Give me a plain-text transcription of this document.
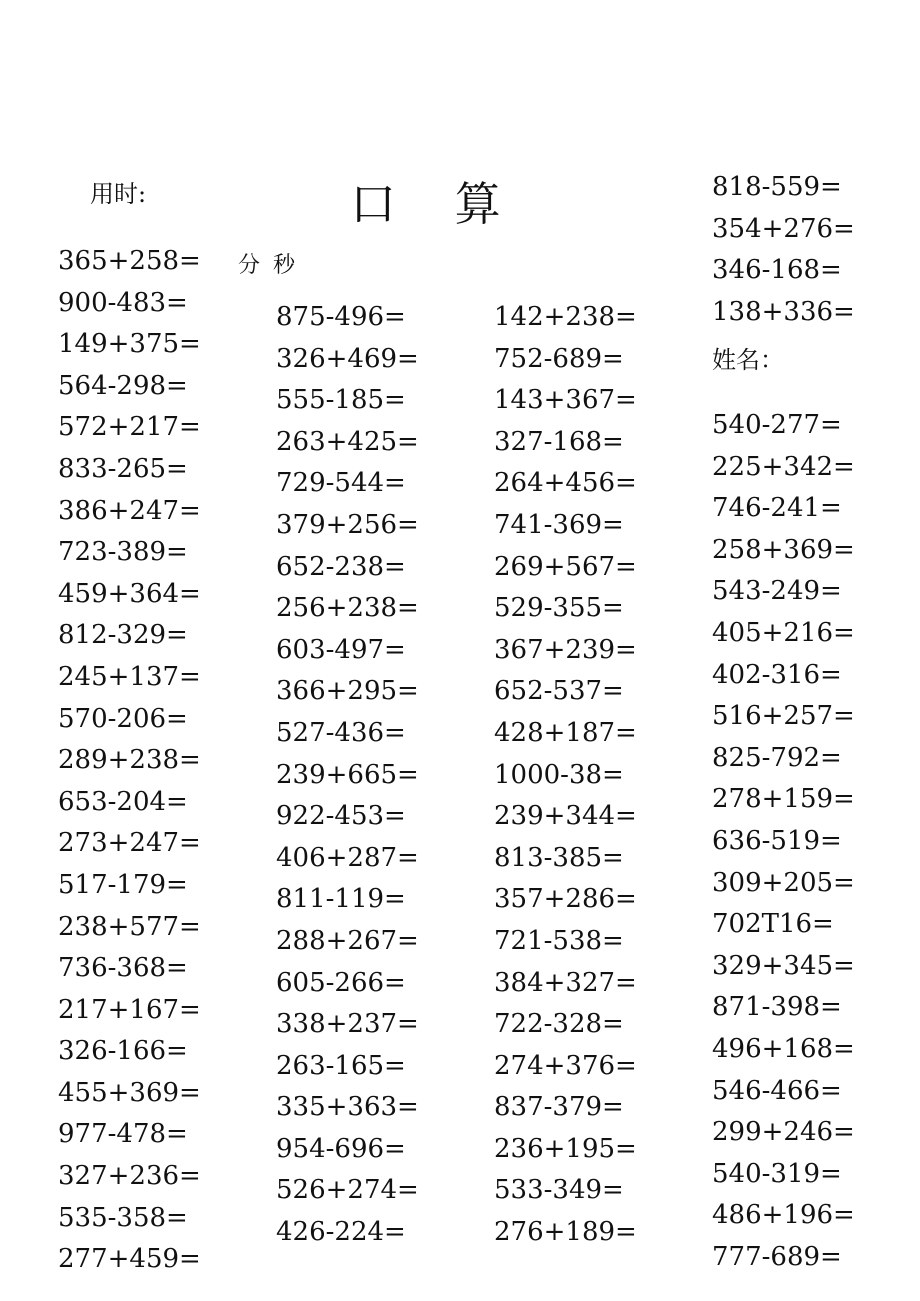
口 算
用时:
分 秒
姓名：
365+258=
900-483=
149+375=
564-298=
572+217=
833-265=
386+247=
723-389=
459+364=
812-329=
245+137=
570-206=
289+238=
653-204=
273+247=
517-179=
238+577=
736-368=
217+167=
326-166=
455+369=
977-478=
327+236=
535-358=
277+459=
875-496=
326+469=
555-185=
263+425=
729-544=
379+256=
652-238=
256+238=
603-497=
366+295=
527-436=
239+665=
922-453=
406+287=
811-119=
288+267=
605-266=
338+237=
263-165=
335+363=
954-696=
526+274=
426-224=
142+238=
752-689=
143+367=
327-168=
264+456=
741-369=
269+567=
529-355=
367+239=
652-537=
428+187=
1000-38=
239+344=
813-385=
357+286=
721-538=
384+327=
722-328=
274+376=
837-379=
236+195=
533-349=
276+189=
818-559=
354+276=
346-168=
138+336=
540-277=
225+342=
746-241=
258+369=
543-249=
405+216=
402-316=
516+257=
825-792=
278+159=
636-519=
309+205=
702T16=
329+345=
871-398=
496+168=
546-466=
299+246=
540-319=
486+196=
777-689=
